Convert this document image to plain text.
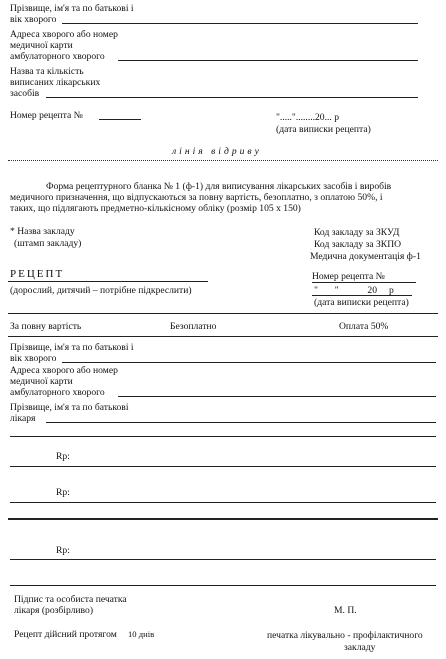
Прізвище, ім'я та по батькові і
вік хворого
Адреса хворого або номер
медичної карти
амбулаторного хворого
Назва та кількість
виписаних лікарських
засобів
Номер рецепта №	"....."........20... р
(дата виписки рецепта)
лінія відриву
Форма рецептурного бланка № 1 (ф-1) для виписування лікарських засобів і виробів
медичного призначення, що відпускаються за повну вартість, безоплатно, з оплатою 50%, і
таких, що підлягають предметно-кількісному обліку (розмір 105 х 150)
* Назва закладу
(штамп закладу)
Код закладу за ЗКУД
Код закладу за ЗКПО
Медична документація ф-1
РЕЦЕПТ
(дорослий, дитячий – потрібне підкреслити)
Номер рецепта №
"       "            20     р
(дата виписки рецепта)
За повну вартість	Безоплатно	Оплата 50%
Прізвище, ім'я та по батькові і
вік хворого
Адреса хворого або номер
медичної карти
амбулаторного хворого
Прізвище, ім'я та по батькові
лікаря
Rp:
Rp:
Rp:
Підпис та особиста печатка
лікаря (розбірливо)	М. П.
Рецепт дійсний протягом 10 днів	печатка лікувально - профілактичного
закладу
